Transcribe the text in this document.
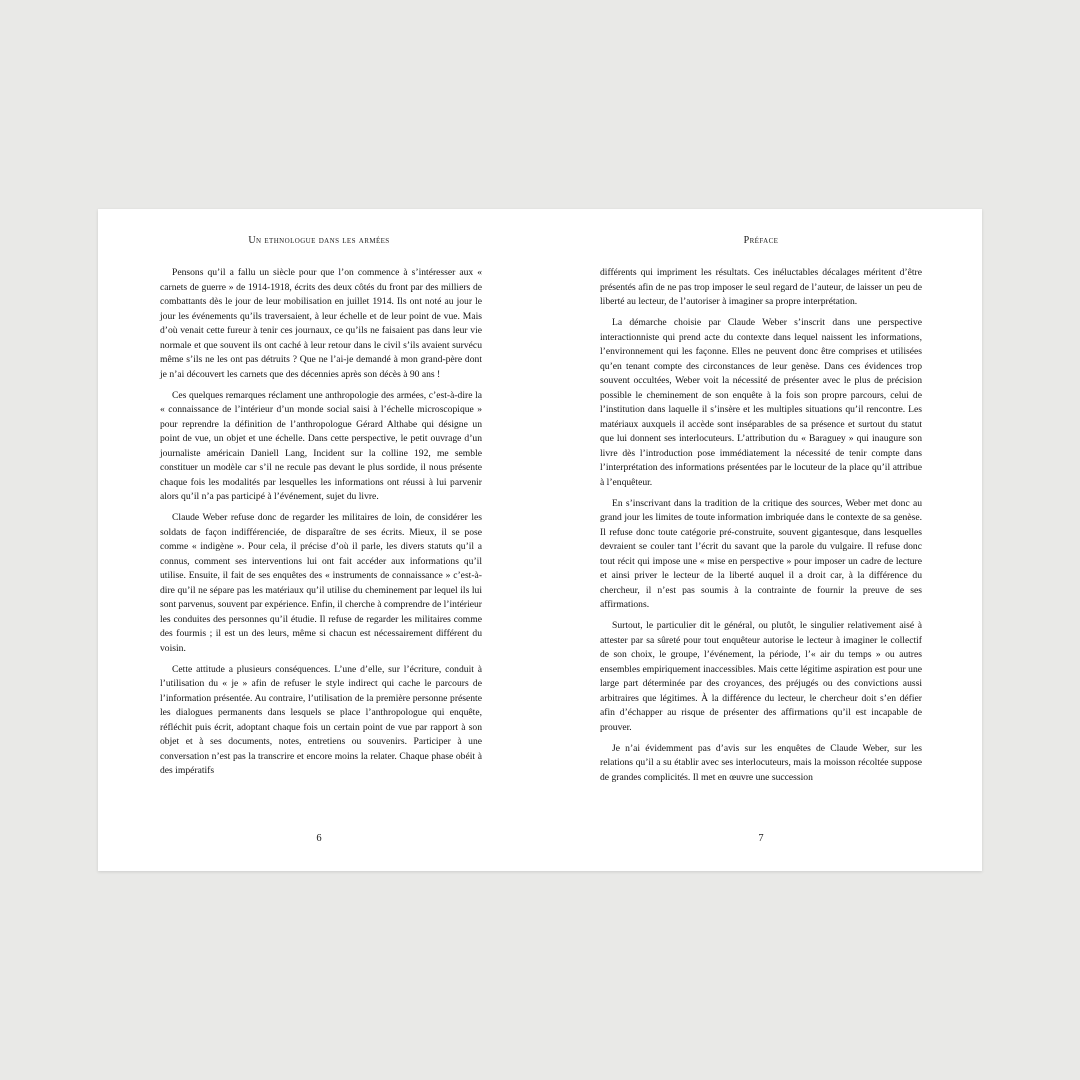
Un ethnologue dans les armées

Pensons qu’il a fallu un siècle pour que l’on commence à s’intéresser aux « carnets de guerre » de 1914-1918, écrits des deux côtés du front par des milliers de combattants dès le jour de leur mobilisation en juillet 1914. Ils ont noté au jour le jour les événements qu’ils traversaient, à leur échelle et de leur point de vue. Mais d’où venait cette fureur à tenir ces journaux, ce qu’ils ne faisaient pas dans leur vie normale et que souvent ils ont caché à leur retour dans le civil s’ils avaient survécu même s’ils ne les ont pas détruits ? Que ne l’ai-je demandé à mon grand-père dont je n’ai découvert les carnets que des décennies après son décès à 90 ans !

Ces quelques remarques réclament une anthropologie des armées, c’est-à-dire la « connaissance de l’intérieur d’un monde social saisi à l’échelle microscopique » pour reprendre la définition de l’anthropologue Gérard Althabe qui désigne un point de vue, un objet et une échelle. Dans cette perspective, le petit ouvrage d’un journaliste américain Daniell Lang, Incident sur la colline 192, me semble constituer un modèle car s’il ne recule pas devant le plus sordide, il nous présente chaque fois les modalités par lesquelles les informations ont réussi à lui parvenir alors qu’il n’a pas participé à l’événement, sujet du livre.

Claude Weber refuse donc de regarder les militaires de loin, de considérer les soldats de façon indifférenciée, de disparaître de ses écrits. Mieux, il se pose comme « indigène ». Pour cela, il précise d’où il parle, les divers statuts qu’il a connus, comment ses interventions lui ont fait accéder aux informations qu’il utilise. Ensuite, il fait de ses enquêtes des « instruments de connaissance » c’est-à-dire qu’il ne sépare pas les matériaux qu’il utilise du cheminement par lequel ils lui sont parvenus, souvent par expérience. Enfin, il cherche à comprendre de l’intérieur les conduites des personnes qu’il étudie. Il refuse de regarder les militaires comme des fourmis ; il est un des leurs, même si chacun est nécessairement différent du voisin.

Cette attitude a plusieurs conséquences. L’une d’elle, sur l’écriture, conduit à l’utilisation du « je » afin de refuser le style indirect qui cache le parcours de l’information présentée. Au contraire, l’utilisation de la première personne présente les dialogues permanents dans lesquels se place l’anthropologue qui enquête, réfléchit puis écrit, adoptant chaque fois un certain point de vue par rapport à son objet et à ses documents, notes, entretiens ou souvenirs. Participer à une conversation n’est pas la transcrire et encore moins la relater. Chaque phase obéit à des impératifs

6
Préface

différents qui impriment les résultats. Ces inéluctables décalages méritent d’être présentés afin de ne pas trop imposer le seul regard de l’auteur, de laisser un peu de liberté au lecteur, de l’autoriser à imaginer sa propre interprétation.

La démarche choisie par Claude Weber s’inscrit dans une perspective interactionniste qui prend acte du contexte dans lequel naissent les informations, l’environnement qui les façonne. Elles ne peuvent donc être comprises et utilisées qu’en tenant compte des circonstances de leur genèse. Dans ces évidences trop souvent occultées, Weber voit la nécessité de présenter avec le plus de précision possible le cheminement de son enquête à la fois son propre parcours, celui de l’institution dans laquelle il s’insère et les multiples situations qu’il rencontre. Les matériaux auxquels il accède sont inséparables de sa présence et surtout du statut que lui donnent ses interlocuteurs. L’attribution du « Baraguey » qui inaugure son livre dès l’introduction pose immédiatement la nécessité de tenir compte dans l’interprétation des informations présentées par le locuteur de la place qu’il attribue à l’enquêteur.

En s’inscrivant dans la tradition de la critique des sources, Weber met donc au grand jour les limites de toute information imbriquée dans le contexte de sa genèse. Il refuse donc toute catégorie pré-construite, souvent gigantesque, dans lesquelles devraient se couler tant l’écrit du savant que la parole du vulgaire. Il refuse donc tout récit qui impose une « mise en perspective » pour imposer un cadre de lecture et ainsi priver le lecteur de la liberté auquel il a droit car, à la différence du chercheur, il n’est pas soumis à la contrainte de fournir la preuve de ses affirmations.

Surtout, le particulier dit le général, ou plutôt, le singulier relativement aisé à attester par sa sûreté pour tout enquêteur autorise le lecteur à imaginer le collectif de son choix, le groupe, l’événement, la période, l’« air du temps » ou autres ensembles empiriquement inaccessibles. Mais cette légitime aspiration est pour une large part déterminée par des croyances, des préjugés ou des convictions aussi arbitraires que légitimes. À la différence du lecteur, le chercheur doit s’en défier afin d’échapper au risque de présenter des affirmations qu’il est incapable de prouver.

Je n’ai évidemment pas d’avis sur les enquêtes de Claude Weber, sur les relations qu’il a su établir avec ses interlocuteurs, mais la moisson récoltée suppose de grandes complicités. Il met en œuvre une succession

7
